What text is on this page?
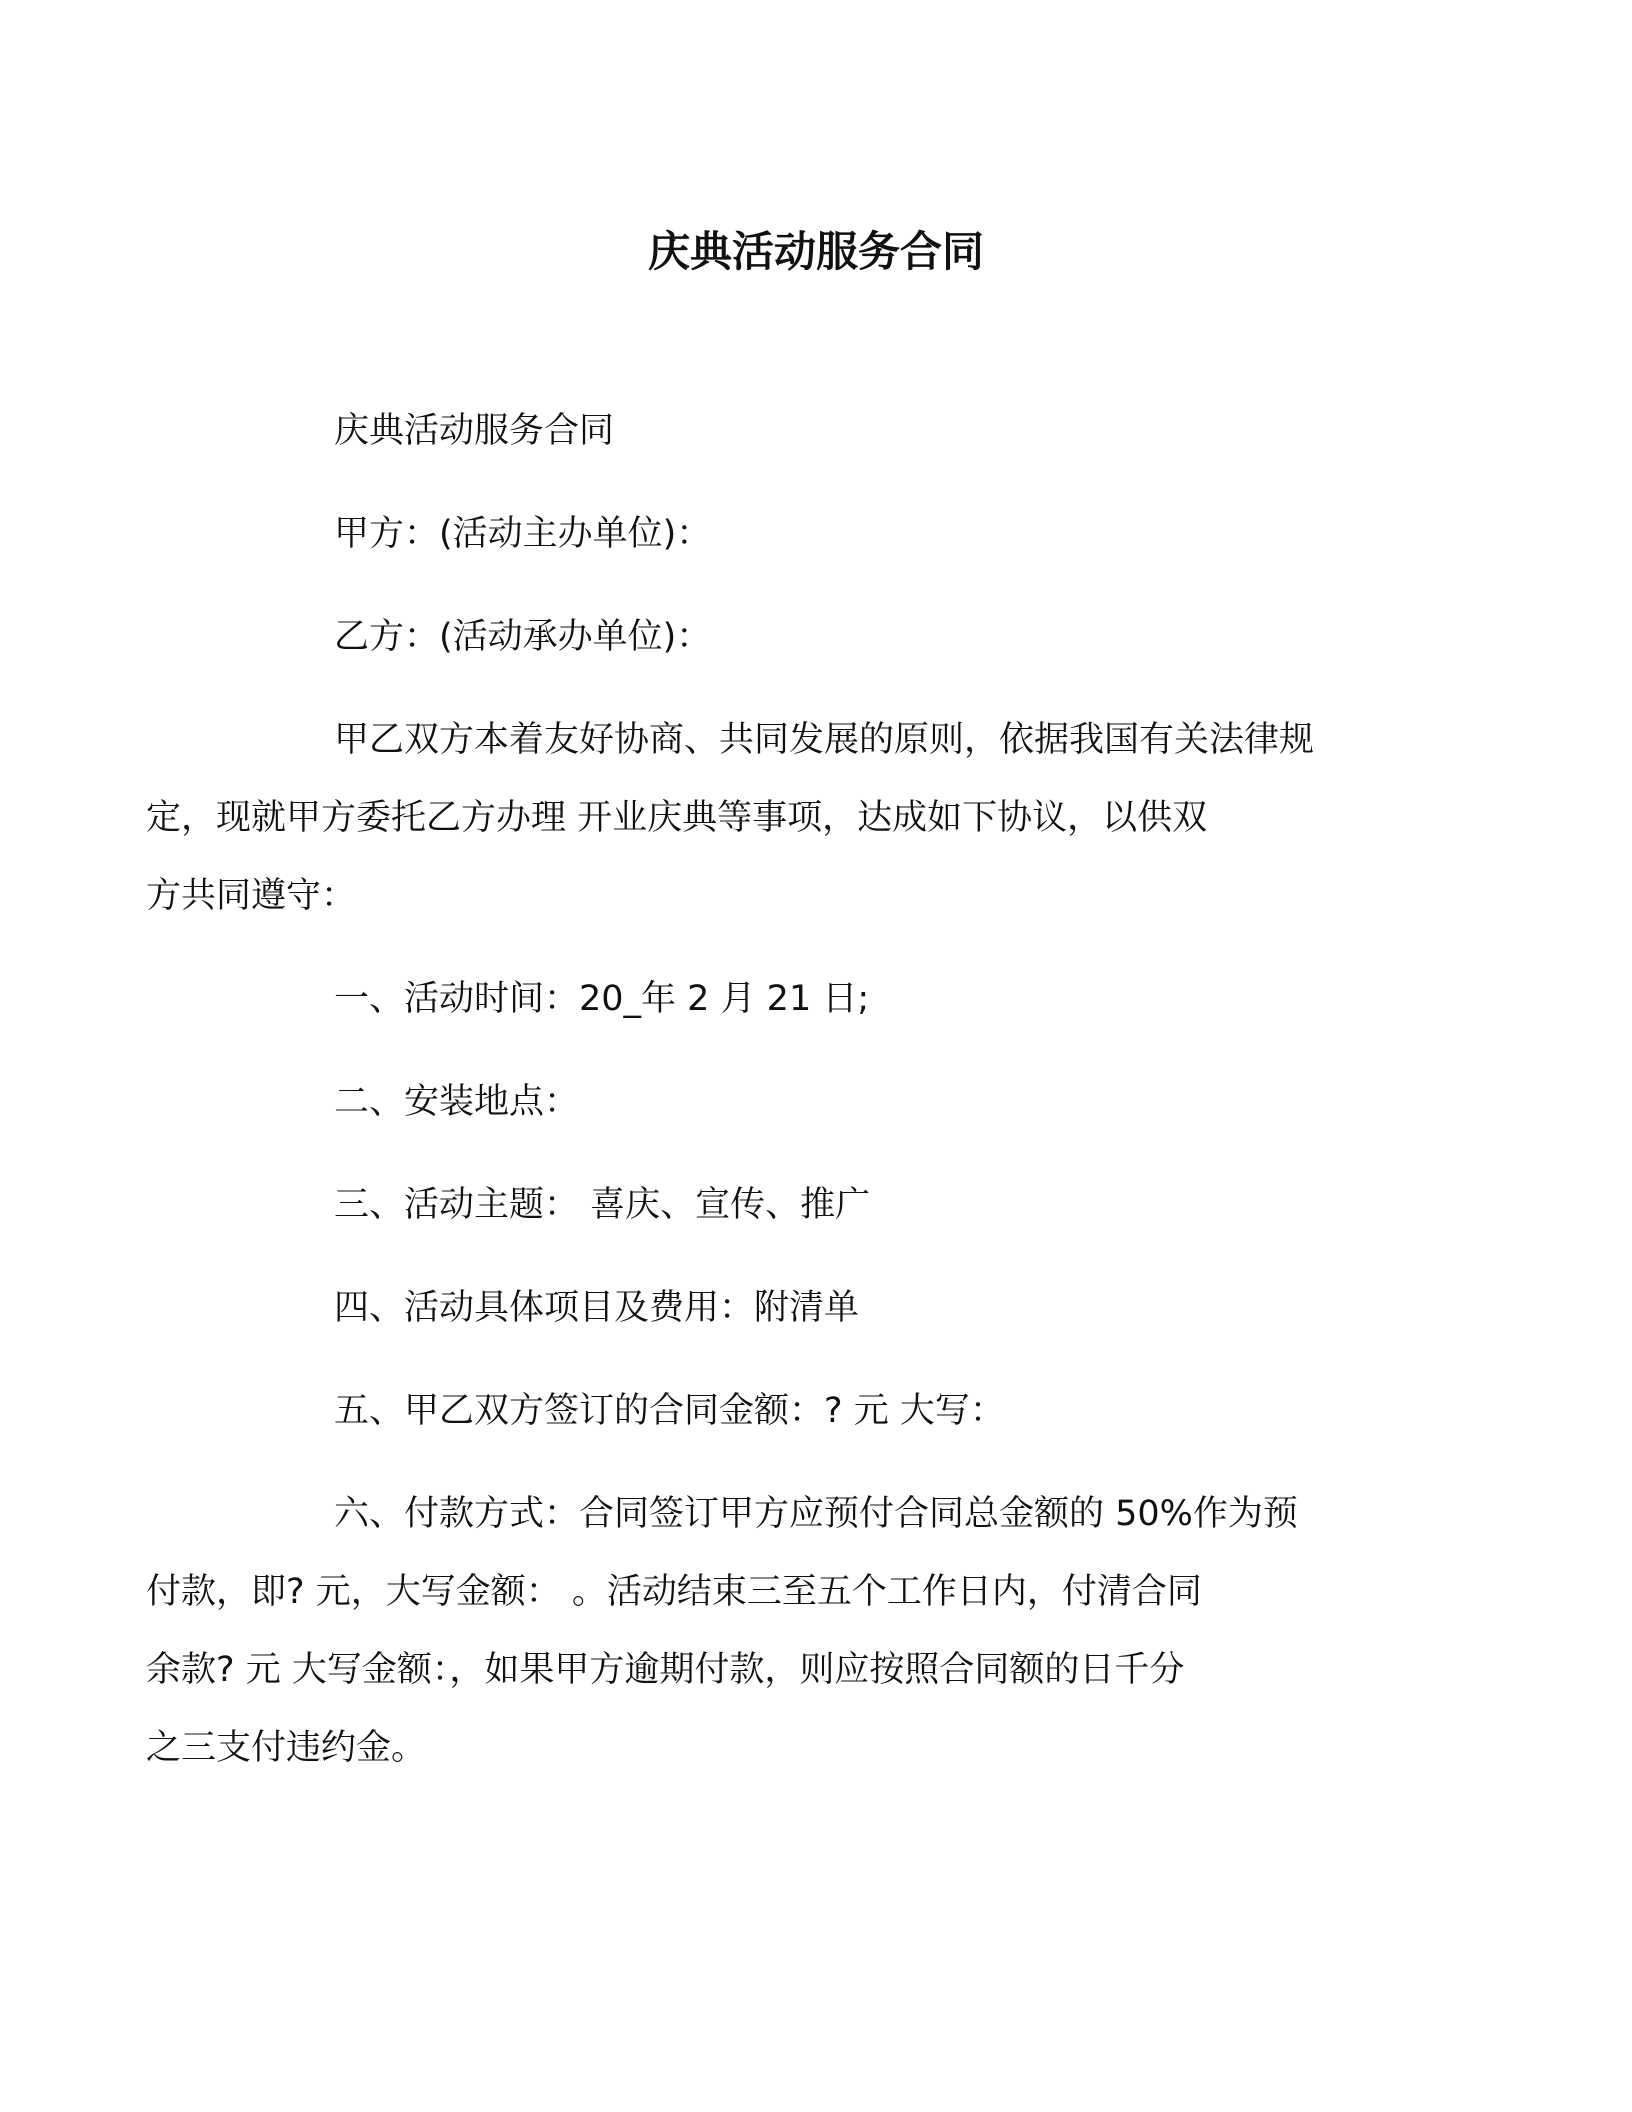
庆典活动服务合同

庆典活动服务合同

甲方：(活动主办单位)：

乙方：(活动承办单位)：

甲乙双方本着友好协商、共同发展的原则，依据我国有关法律规
定，现就甲方委托乙方办理 开业庆典等事项，达成如下协议，以供双
方共同遵守：

一、活动时间：20_年 2 月 21 日;

二、安装地点：

三、活动主题： 喜庆、宣传、推广

四、活动具体项目及费用：附清单

五、甲乙双方签订的合同金额：? 元 大写：

六、付款方式：合同签订甲方应预付合同总金额的 50%作为预
付款，即? 元，大写金额： 。活动结束三至五个工作日内，付清合同
余款? 元 大写金额：，如果甲方逾期付款，则应按照合同额的日千分
之三支付违约金。
